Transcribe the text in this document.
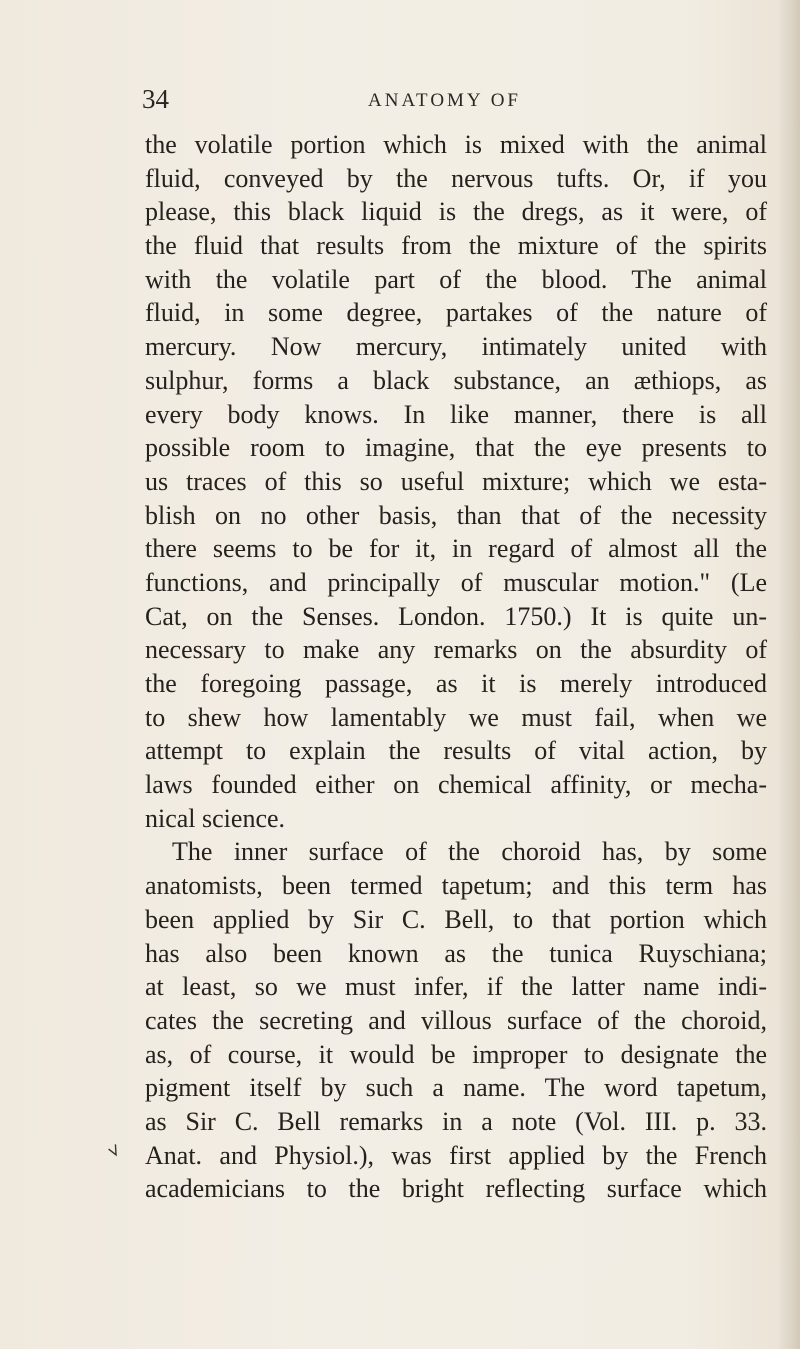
34	ANATOMY OF
the volatile portion which is mixed with the animal
fluid, conveyed by the nervous tufts. Or, if you
please, this black liquid is the dregs, as it were, of
the fluid that results from the mixture of the spirits
with the volatile part of the blood. The animal
fluid, in some degree, partakes of the nature of
mercury. Now mercury, intimately united with
sulphur, forms a black substance, an æthiops, as
every body knows. In like manner, there is all
possible room to imagine, that the eye presents to
us traces of this so useful mixture; which we esta-
blish on no other basis, than that of the necessity
there seems to be for it, in regard of almost all the
functions, and principally of muscular motion." (Le
Cat, on the Senses. London. 1750.) It is quite un-
necessary to make any remarks on the absurdity of
the foregoing passage, as it is merely introduced
to shew how lamentably we must fail, when we
attempt to explain the results of vital action, by
laws founded either on chemical affinity, or mecha-
nical science.
The inner surface of the choroid has, by some
anatomists, been termed tapetum; and this term has
been applied by Sir C. Bell, to that portion which
has also been known as the tunica Ruyschiana;
at least, so we must infer, if the latter name indi-
cates the secreting and villous surface of the choroid,
as, of course, it would be improper to designate the
pigment itself by such a name. The word tapetum,
as Sir C. Bell remarks in a note (Vol. III. p. 33.
Anat. and Physiol.), was first applied by the French
academicians to the bright reflecting surface which
